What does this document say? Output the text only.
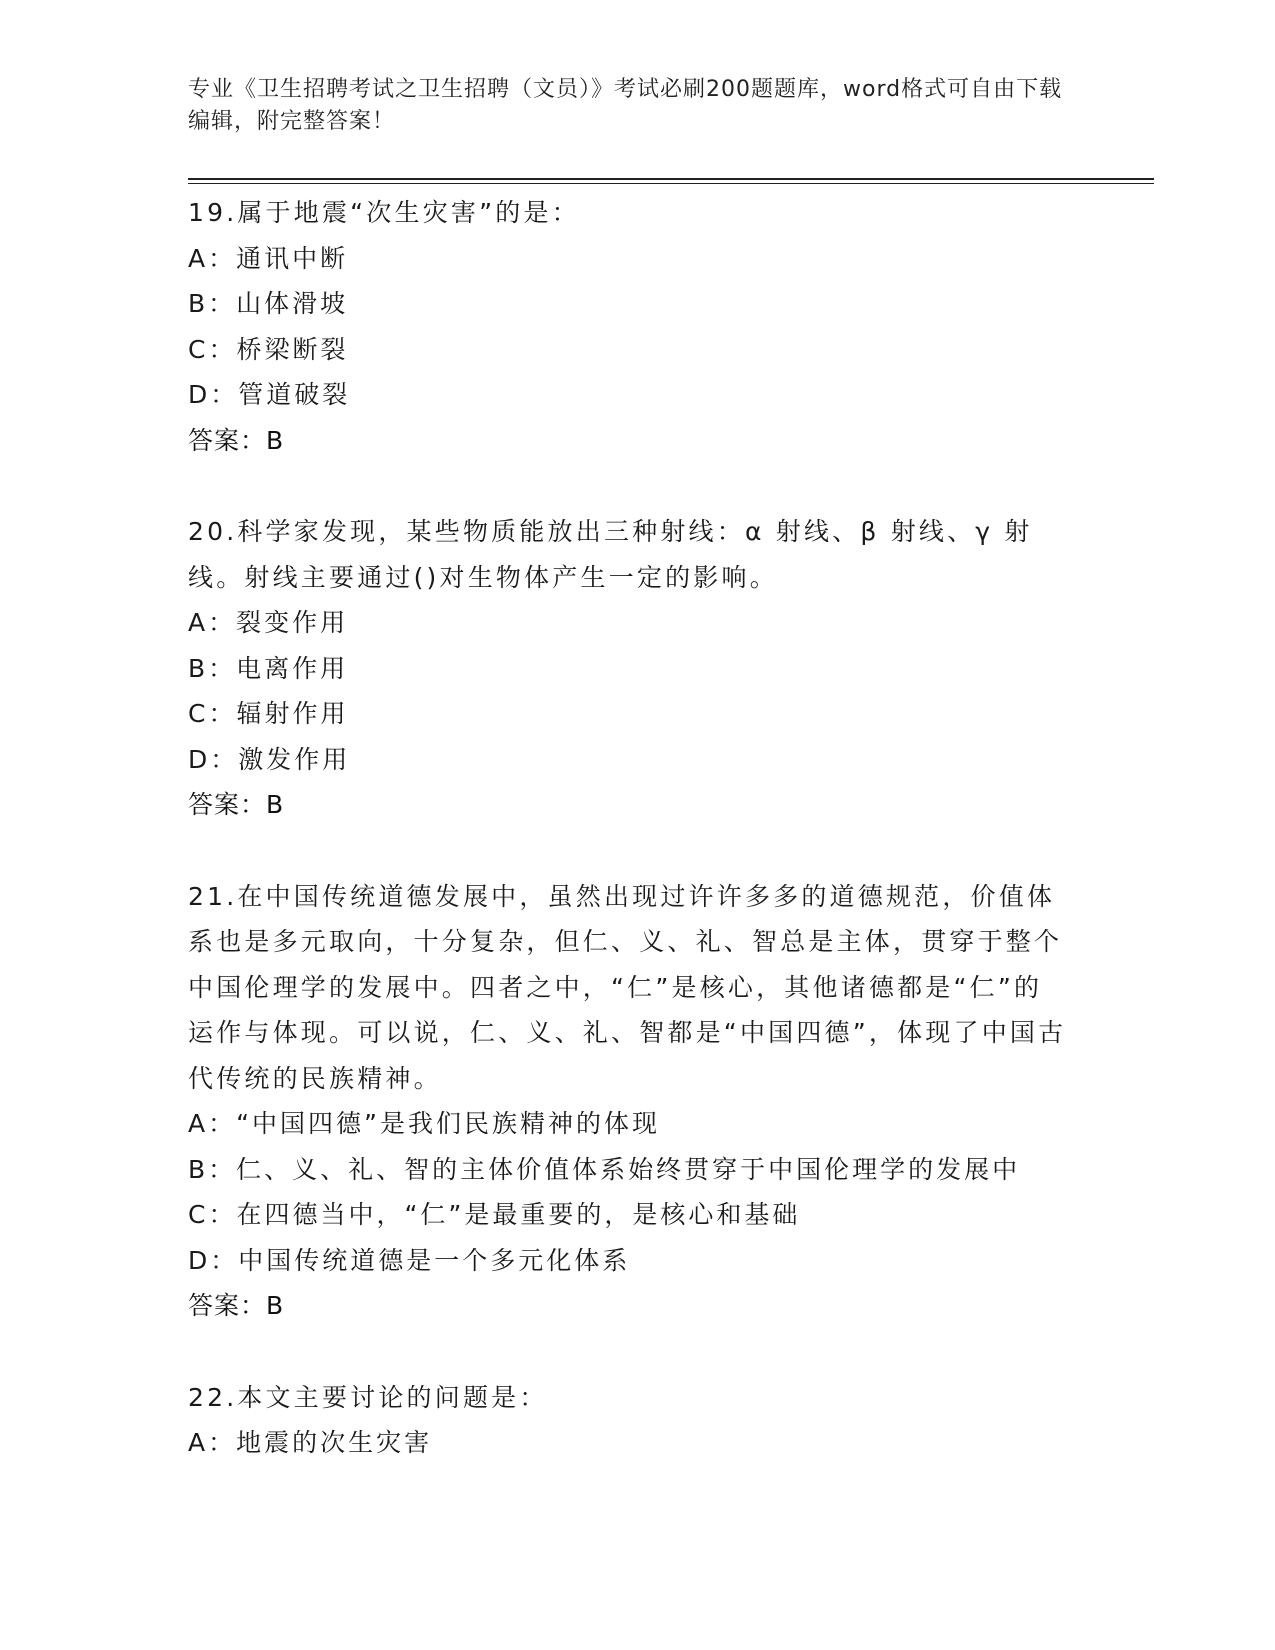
专业《卫生招聘考试之卫生招聘（文员）》考试必刷200题题库，word格式可自由下载编辑，附完整答案！
19.属于地震“次生灾害”的是：
A：通讯中断
B：山体滑坡
C：桥梁断裂
D：管道破裂
答案：B
20.科学家发现，某些物质能放出三种射线：α 射线、β 射线、γ 射线。射线主要通过()对生物体产生一定的影响。
A：裂变作用
B：电离作用
C：辐射作用
D：激发作用
答案：B
21.在中国传统道德发展中，虽然出现过许许多多的道德规范，价值体系也是多元取向，十分复杂，但仁、义、礼、智总是主体，贯穿于整个中国伦理学的发展中。四者之中，“仁”是核心，其他诸德都是“仁”的运作与体现。可以说，仁、义、礼、智都是“中国四德”，体现了中国古代传统的民族精神。
A：“中国四德”是我们民族精神的体现
B：仁、义、礼、智的主体价值体系始终贯穿于中国伦理学的发展中
C：在四德当中，“仁”是最重要的，是核心和基础
D：中国传统道德是一个多元化体系
答案：B
22.本文主要讨论的问题是：
A：地震的次生灾害
